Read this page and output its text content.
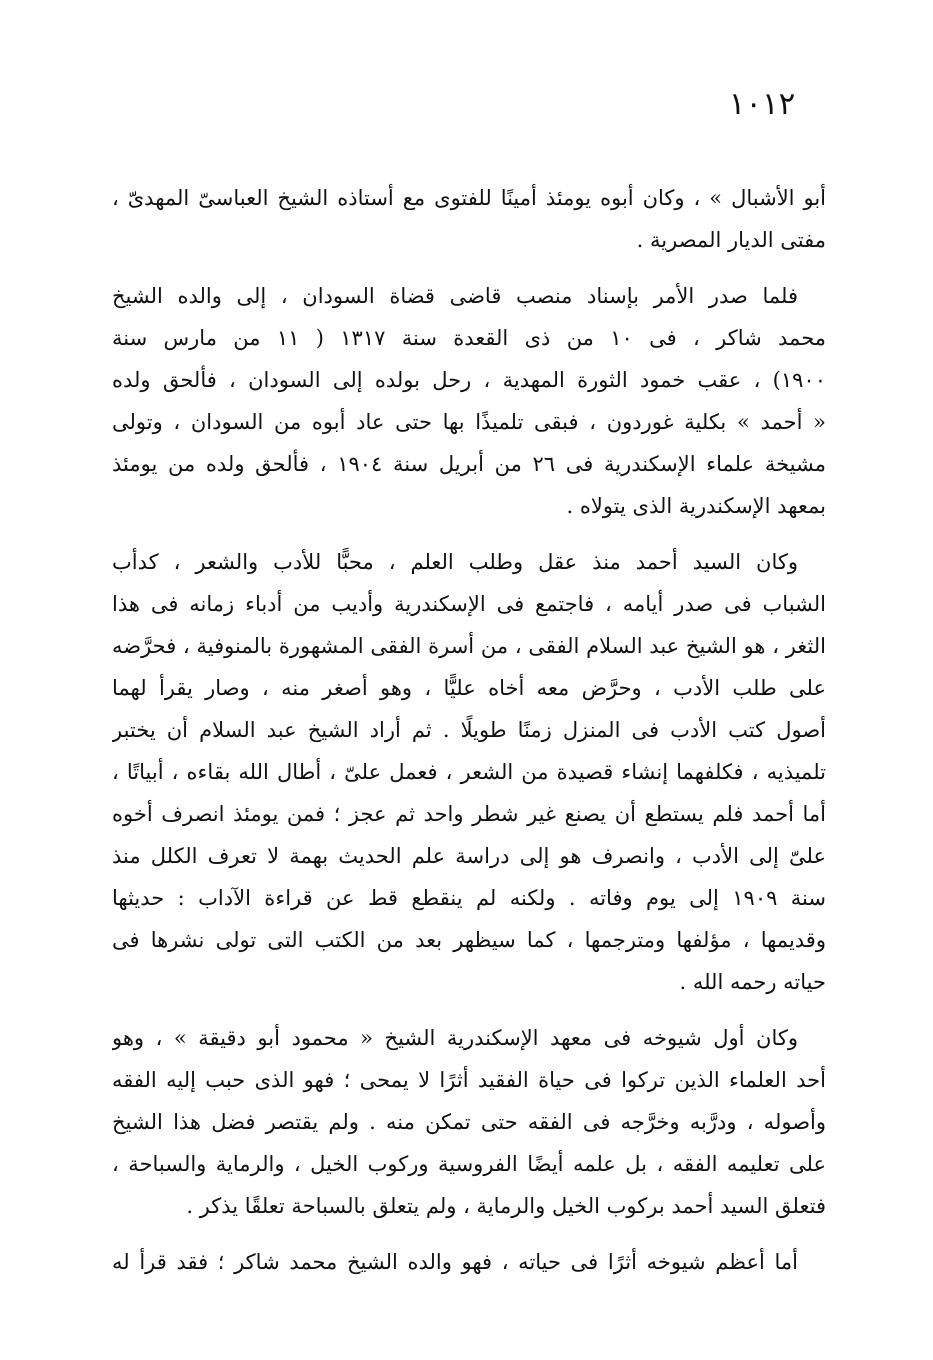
١٠١٢
أبو الأشبال » ، وكان أبوه يومئذ أمينًا للفتوى مع أستاذه الشيخ العباسىّ المهدىّ ،
مفتى الديار المصرية .
فلما صدر الأمر بإسناد منصب قاضى قضاة السودان ، إلى والده الشيخ
محمد شاكر ، فى ١٠ من ذى القعدة سنة ١٣١٧ ( ١١ من مارس سنة
١٩٠٠) ، عقب خمود الثورة المهدية ، رحل بولده إلى السودان ، فألحق ولده
« أحمد » بكلية غوردون ، فبقى تلميذًا بها حتى عاد أبوه من السودان ، وتولى
مشيخة علماء الإسكندرية فى ٢٦ من أبريل سنة ١٩٠٤ ، فألحق ولده من يومئذ
بمعهد الإسكندرية الذى يتولاه .
وكان السيد أحمد منذ عقل وطلب العلم ، محبًّا للأدب والشعر ، كدأب
الشباب فى صدر أيامه ، فاجتمع فى الإسكندرية وأديب من أدباء زمانه فى هذا
الثغر ، هو الشيخ عبد السلام الفقى ، من أسرة الفقى المشهورة بالمنوفية ، فحرَّضه
على طلب الأدب ، وحرَّض معه أخاه عليًّا ، وهو أصغر منه ، وصار يقرأ لهما
أصول كتب الأدب فى المنزل زمنًا طويلًا . ثم أراد الشيخ عبد السلام أن يختبر
تلميذيه ، فكلفهما إنشاء قصيدة من الشعر ، فعمل علىّ ، أطال الله بقاءه ، أبياتًا ،
أما أحمد فلم يستطع أن يصنع غير شطر واحد ثم عجز ؛ فمن يومئذ انصرف أخوه
علىّ إلى الأدب ، وانصرف هو إلى دراسة علم الحديث بهمة لا تعرف الكلل منذ
سنة ١٩٠٩ إلى يوم وفاته . ولكنه لم ينقطع قط عن قراءة الآداب : حديثها
وقديمها ، مؤلفها ومترجمها ، كما سيظهر بعد من الكتب التى تولى نشرها فى
حياته رحمه الله .
وكان أول شيوخه فى معهد الإسكندرية الشيخ « محمود أبو دقيقة » ، وهو
أحد العلماء الذين تركوا فى حياة الفقيد أثرًا لا يمحى ؛ فهو الذى حبب إليه الفقه
وأصوله ، ودرَّبه وخرَّجه فى الفقه حتى تمكن منه . ولم يقتصر فضل هذا الشيخ
على تعليمه الفقه ، بل علمه أيضًا الفروسية وركوب الخيل ، والرماية والسباحة ،
فتعلق السيد أحمد بركوب الخيل والرماية ، ولم يتعلق بالسباحة تعلقًا يذكر .
أما أعظم شيوخه أثرًا فى حياته ، فهو والده الشيخ محمد شاكر ؛ فقد قرأ له
